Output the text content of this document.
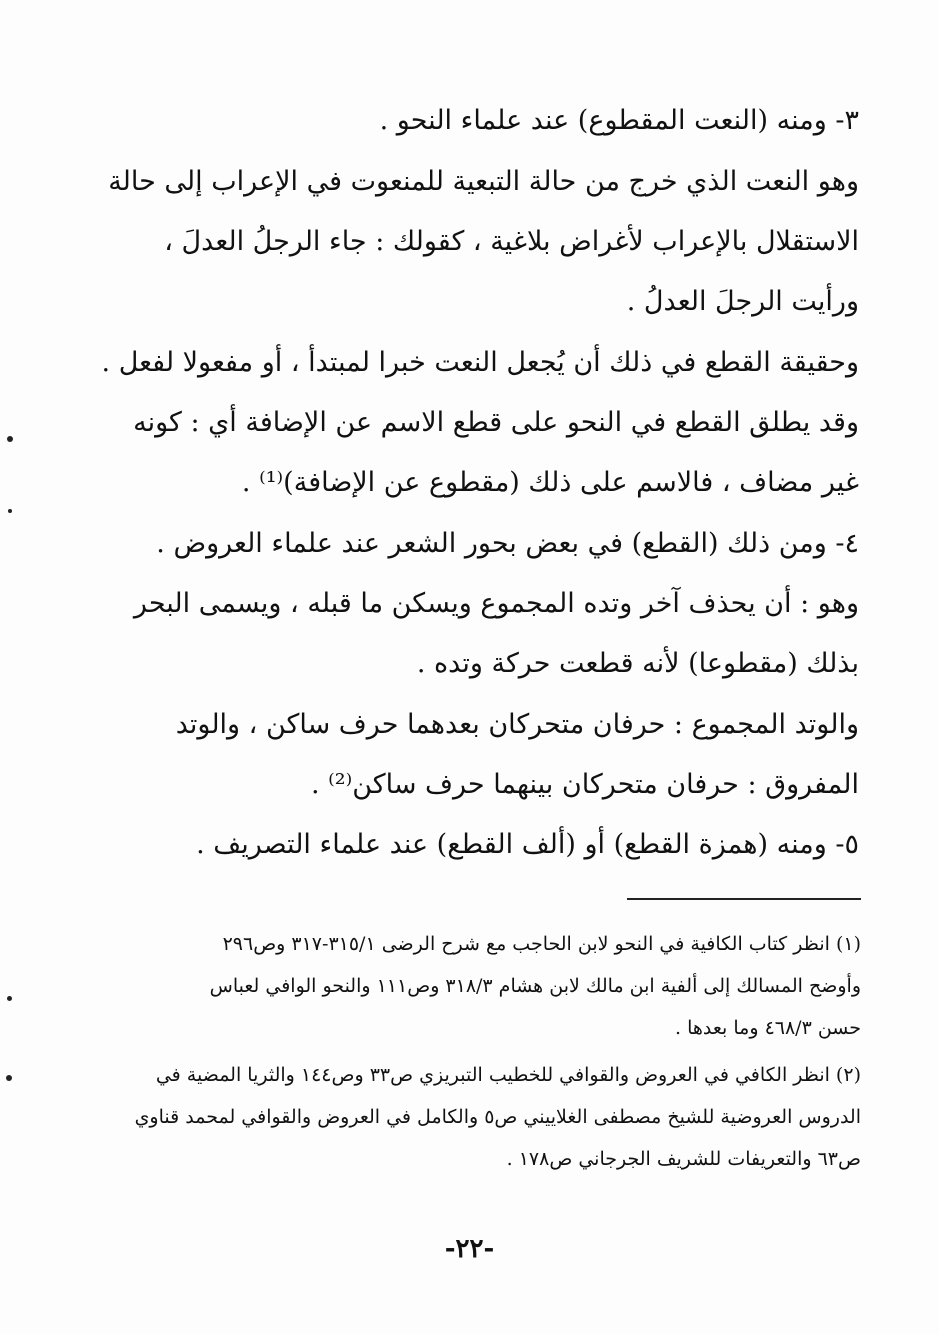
٣- ومنه (النعت المقطوع) عند علماء النحو .
وهو النعت الذي خرج من حالة التبعية للمنعوت في الإعراب إلى حالة
الاستقلال بالإعراب لأغراض بلاغية ، كقولك : جاء الرجلُ العدلَ ،
ورأيت الرجلَ العدلُ .
وحقيقة القطع في ذلك أن يُجعل النعت خبرا لمبتدأ ، أو مفعولا لفعل .
وقد يطلق القطع في النحو على قطع الاسم عن الإضافة أي : كونه
غير مضاف ، فالاسم على ذلك (مقطوع عن الإضافة)⁽¹⁾ .
٤- ومن ذلك (القطع) في بعض بحور الشعر عند علماء العروض .
وهو : أن يحذف آخر وتده المجموع ويسكن ما قبله ، ويسمى البحر
بذلك (مقطوعا) لأنه قطعت حركة وتده .
والوتد المجموع : حرفان متحركان بعدهما حرف ساكن ، والوتد
المفروق : حرفان متحركان بينهما حرف ساكن⁽²⁾ .
٥- ومنه (همزة القطع) أو (ألف القطع) عند علماء التصريف .
(١) انظر كتاب الكافية في النحو لابن الحاجب مع شرح الرضى ٣١٥/١-٣١٧ وص٢٩٦
وأوضح المسالك إلى ألفية ابن مالك لابن هشام ٣١٨/٣ وص١١١ والنحو الوافي لعباس
حسن ٤٦٨/٣ وما بعدها .
(٢) انظر الكافي في العروض والقوافي للخطيب التبريزي ص٣٣ وص١٤٤ والثريا المضية في
الدروس العروضية للشيخ مصطفى الغلاييني ص٥ والكامل في العروض والقوافي لمحمد قناوي
ص٦٣ والتعريفات للشريف الجرجاني ص١٧٨ .
-٢٢-
